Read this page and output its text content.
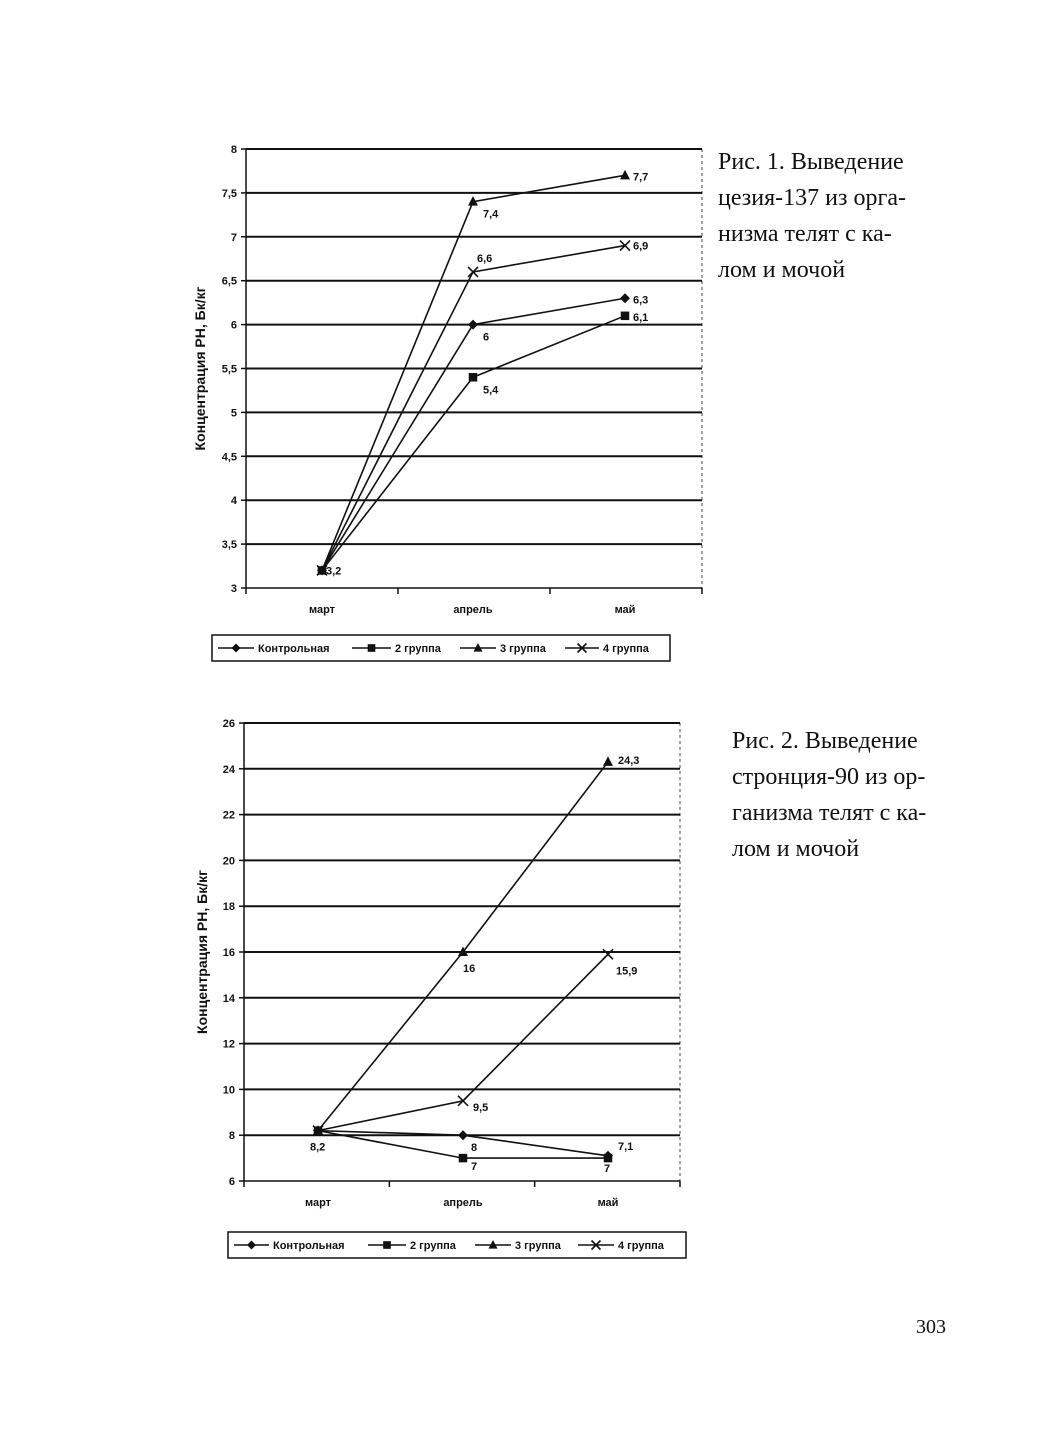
3
3,5
4
4,5
5
5,5
6
6,5
7
7,5
8
март	апрель	май
Концентрация РН, Бк/кг	6
6,3
3,2
5,4
6,1
7,4
7,7
6,6
6,9
Контрольная	2 группа	3 группа	4 группа
6
8
10
12
14
16
18
20
22
24
26
март	апрель	май
Концентрация РН, Бк/кг
8,2	8	7,1
7	7
16
24,3
9,5
15,9
Контрольная	2 группа	3 группа	4 группа
Рис. 1. Выведение
цезия-137 из орга-
низма телят с ка-
лом и мочой
Рис. 2. Выведение
стронция-90 из ор-
ганизма телят с ка-
лом и мочой
303
